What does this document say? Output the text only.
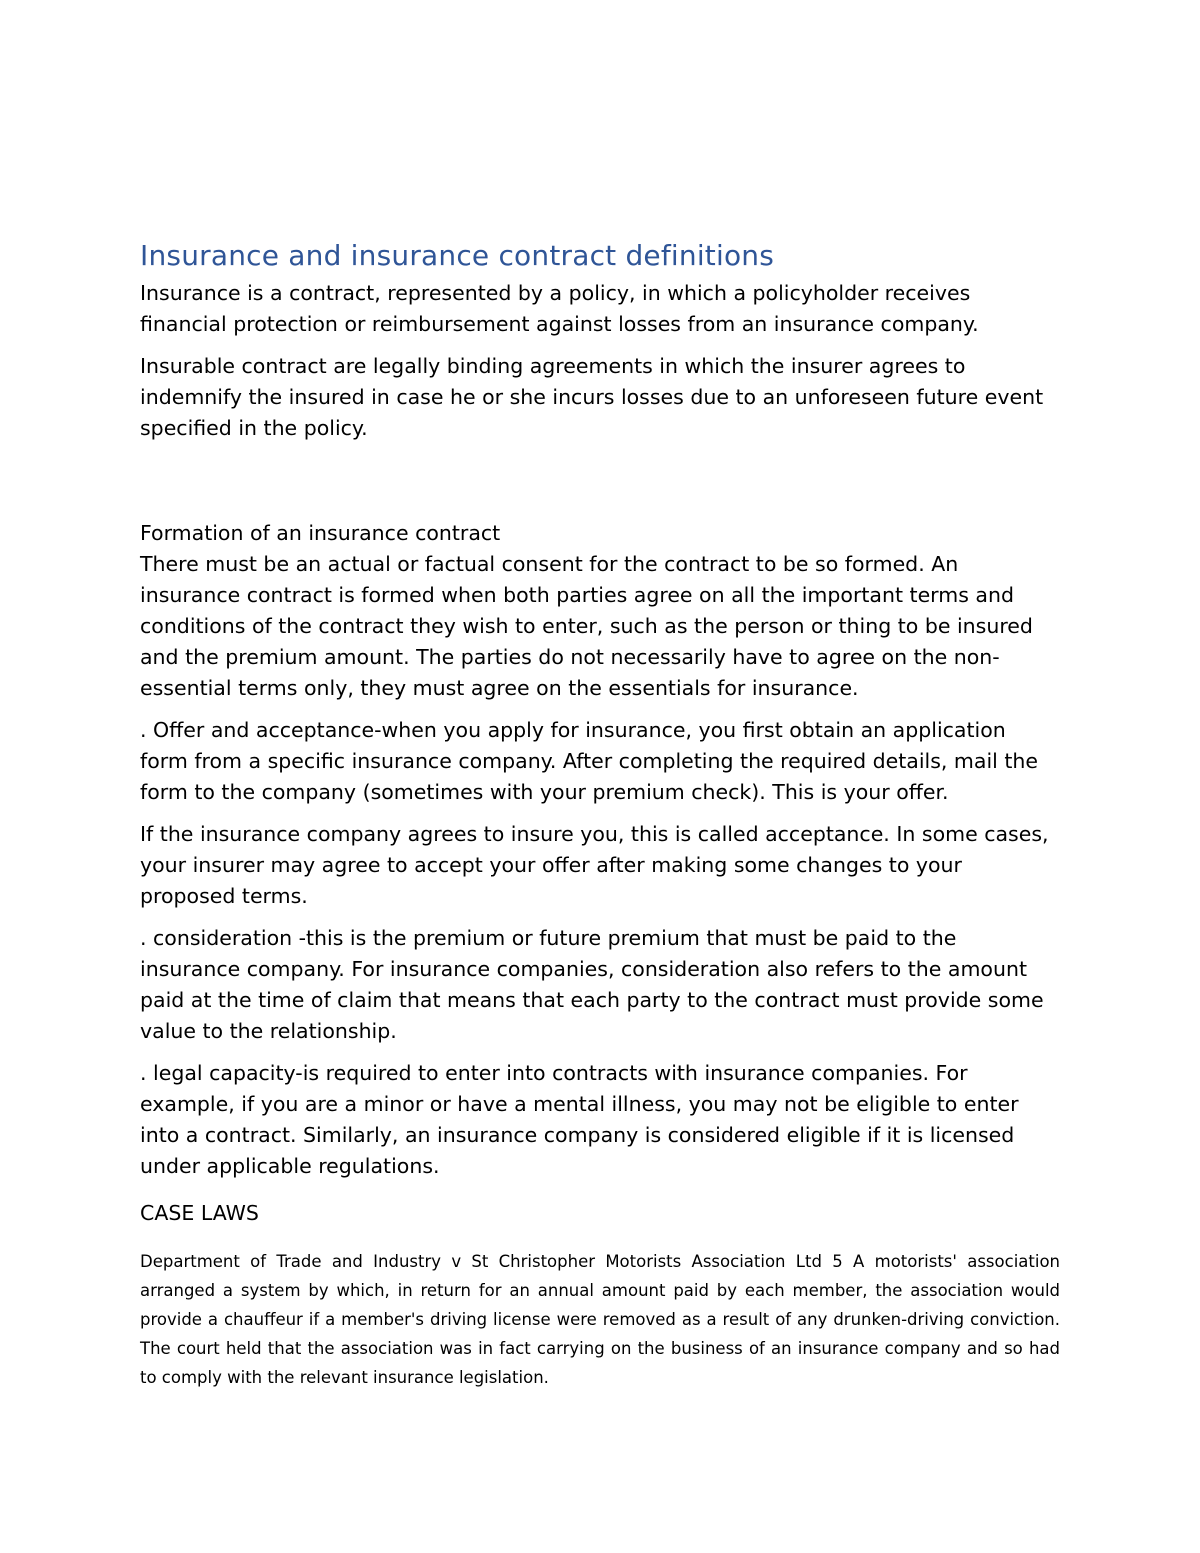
Insurance and insurance contract definitions

Insurance is a contract, represented by a policy, in which a policyholder receives financial protection or reimbursement against losses from an insurance company.

Insurable contract are legally binding agreements in which the insurer agrees to indemnify the insured in case he or she incurs losses due to an unforeseen future event specified in the policy.

Formation of an insurance contract
There must be an actual or factual consent for the contract to be so formed. An insurance contract is formed when both parties agree on all the important terms and conditions of the contract they wish to enter, such as the person or thing to be insured and the premium amount. The parties do not necessarily have to agree on the non-essential terms only, they must agree on the essentials for insurance.

. Offer and acceptance-when you apply for insurance, you first obtain an application form from a specific insurance company. After completing the required details, mail the form to the company (sometimes with your premium check). This is your offer.

If the insurance company agrees to insure you, this is called acceptance. In some cases, your insurer may agree to accept your offer after making some changes to your proposed terms.

. consideration -this is the premium or future premium that must be paid to the insurance company. For insurance companies, consideration also refers to the amount paid at the time of claim that means that each party to the contract must provide some value to the relationship.

. legal capacity-is required to enter into contracts with insurance companies. For example, if you are a minor or have a mental illness, you may not be eligible to enter into a contract. Similarly, an insurance company is considered eligible if it is licensed under applicable regulations.

CASE LAWS

Department of Trade and Industry v St Christopher Motorists Association Ltd 5 A motorists' association arranged a system by which, in return for an annual amount paid by each member, the association would provide a chauffeur if a member's driving license were removed as a result of any drunken-driving conviction. The court held that the association was in fact carrying on the business of an insurance company and so had to comply with the relevant insurance legislation.
